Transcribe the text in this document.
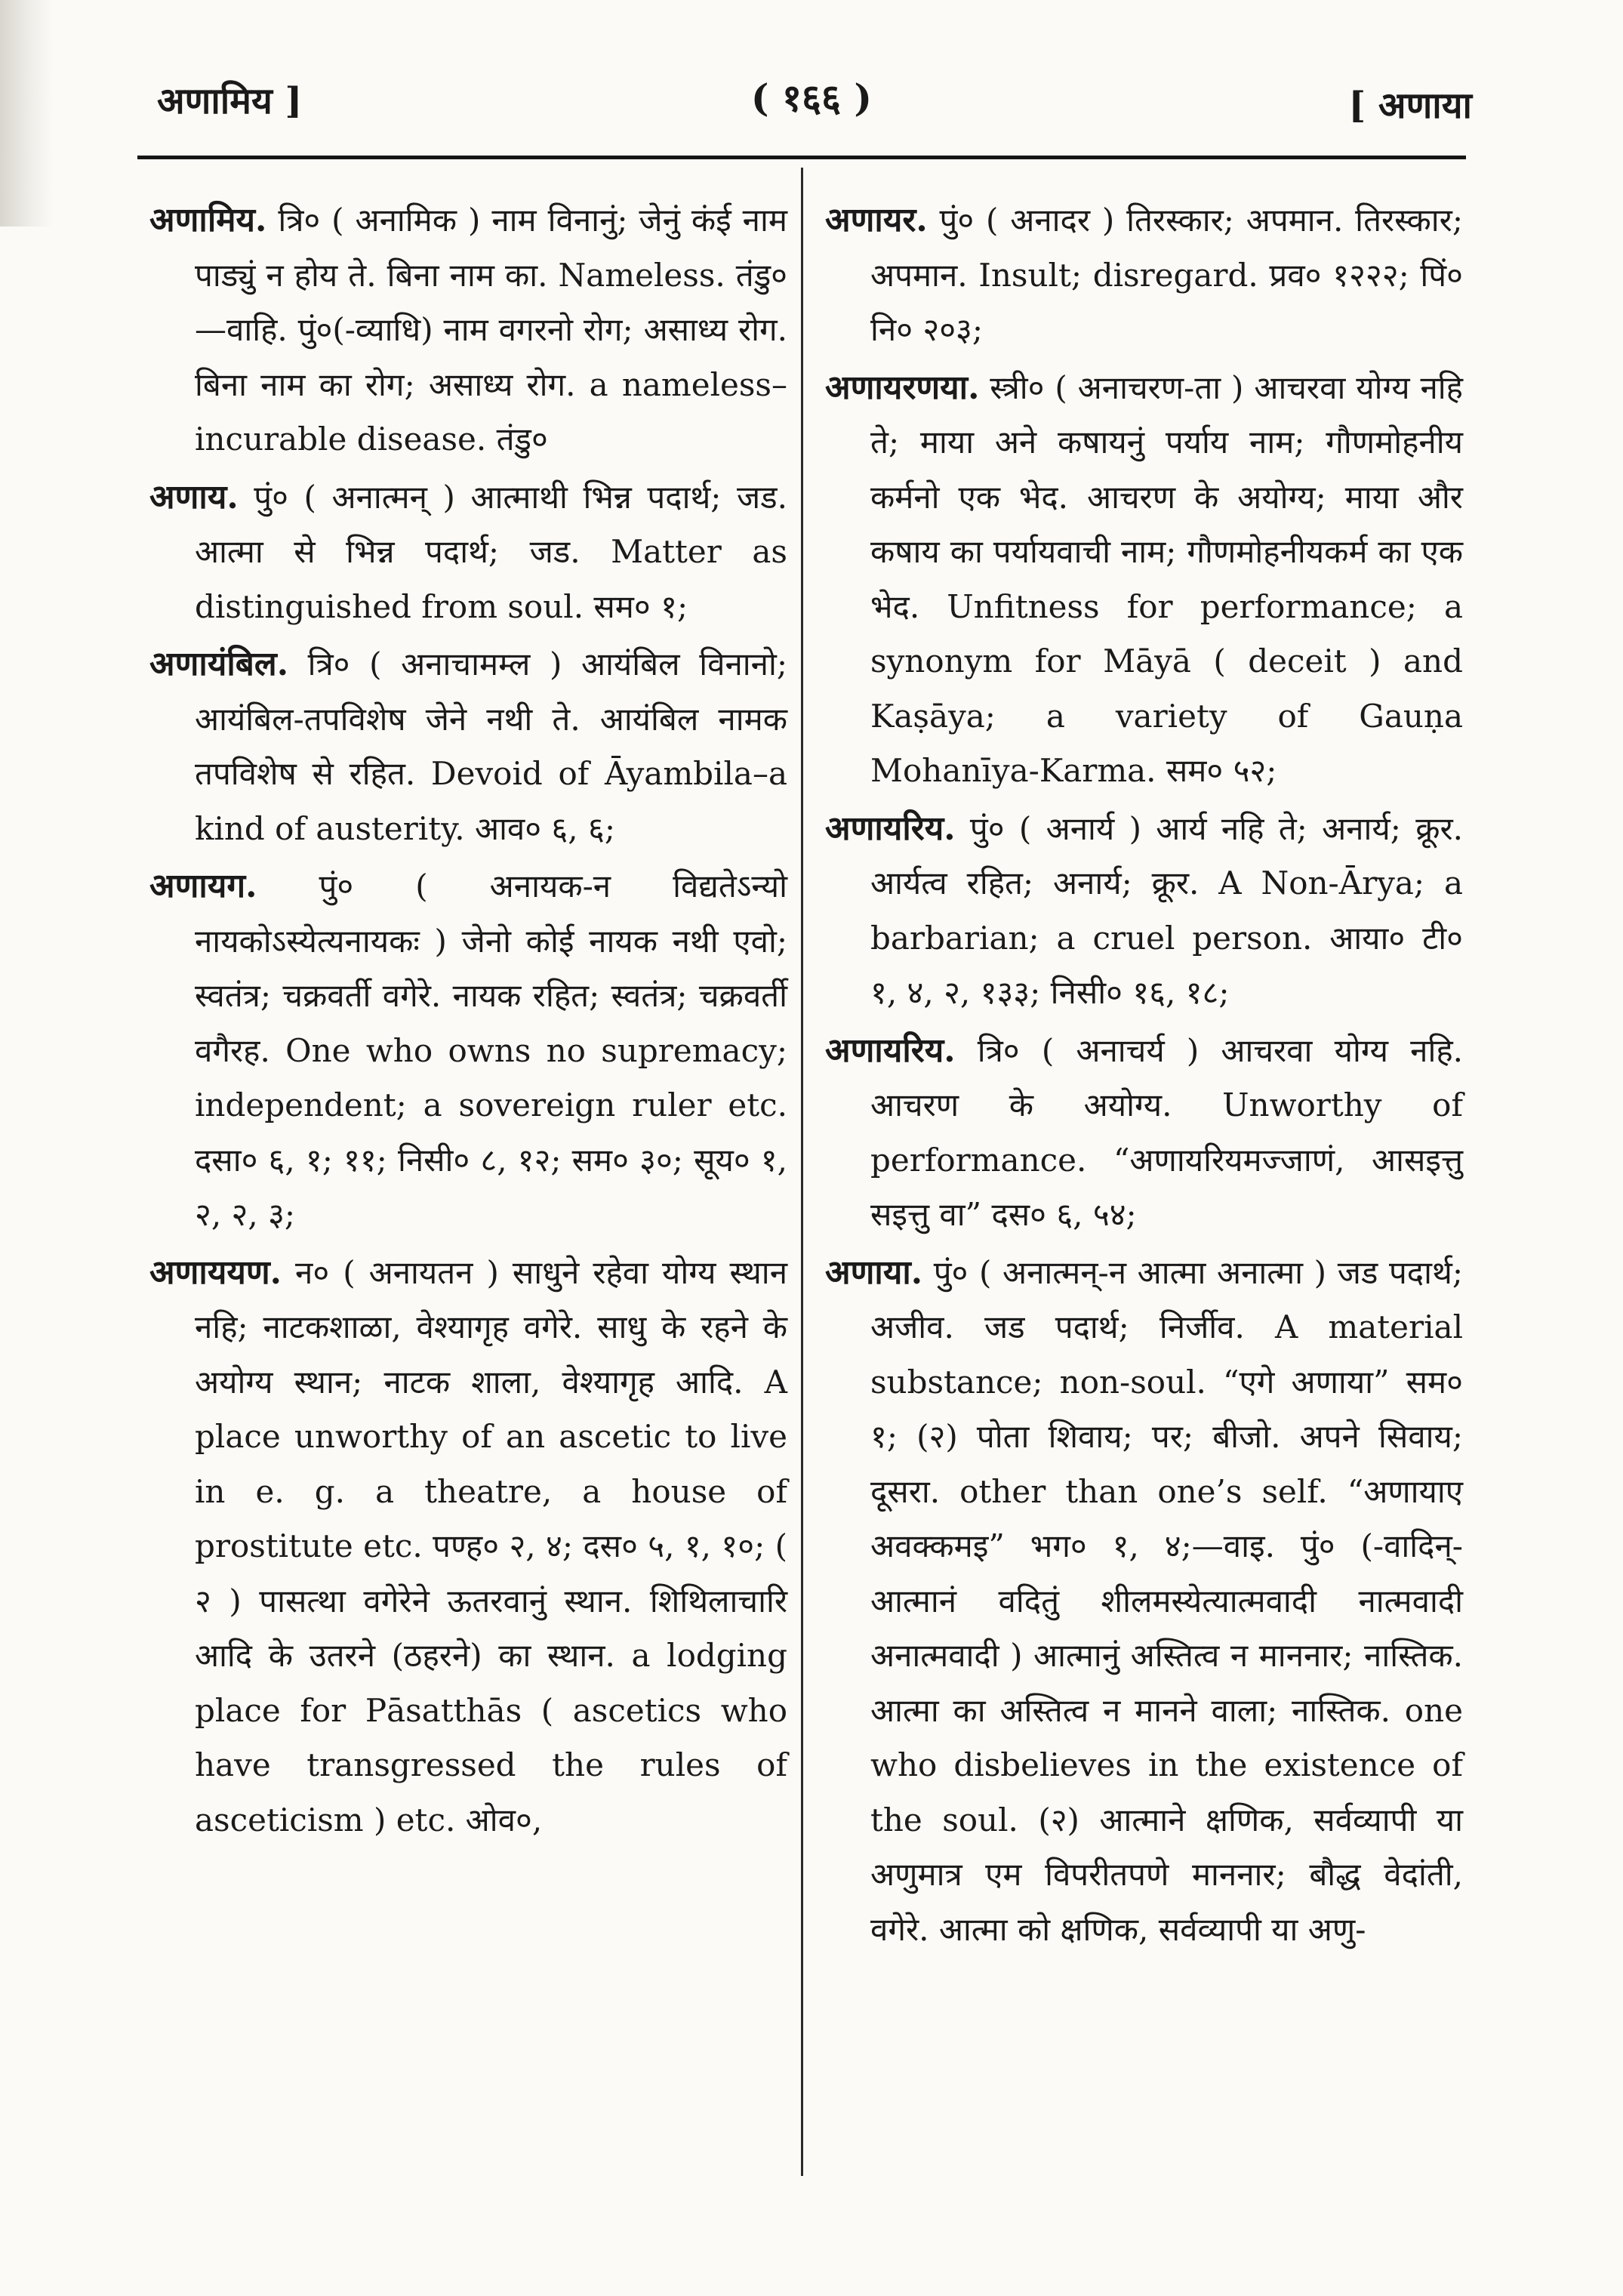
अणामिय ]	( १६६ )	[ अणाया

अणामिय. त्रि० ( अनामिक ) नाम विनानुं; जेनुं कंई नाम पाड्युं न होय ते. बिना नाम का. Nameless. तंडु०—वाहि. पुं०(-व्याधि) नाम वगरनो रोग; असाध्य रोग. बिना नाम का रोग; असाध्य रोग. a nameless–incurable disease. तंडु०

अणाय. पुं० ( अनात्मन् ) आत्माथी भिन्न पदार्थ; जड. आत्मा से भिन्न पदार्थ; जड. Matter as distinguished from soul. सम० १;

अणायंबिल. त्रि० ( अनाचामम्ल ) आयंबिल विनानो; आयंबिल-तपविशेष जेने नथी ते. आयंबिल नामक तपविशेष से रहित. Devoid of Āyambila–a kind of austerity. आव० ६, ६;

अणायग. पुं० ( अनायक-न विद्यतेऽन्यो नायकोऽस्येत्यनायकः ) जेनो कोई नायक नथी एवो; स्वतंत्र; चक्रवर्ती वगेरे. नायक रहित; स्वतंत्र; चक्रवर्ती वगैरह. One who owns no supremacy; independent; a sovereign ruler etc. दसा० ६, १; ११; निसी० ८, १२; सम० ३०; सूय० १, २, २, ३;

अणाययण. न० ( अनायतन ) साधुने रहेवा योग्य स्थान नहि; नाटकशाळा, वेश्यागृह वगेरे. साधु के रहने के अयोग्य स्थान; नाटक शाला, वेश्यागृह आदि. A place unworthy of an ascetic to live in e. g. a theatre, a house of prostitute etc. पण्ह० २, ४; दस० ५, १, १०; ( २ ) पासत्था वगेरेने ऊतरवानुं स्थान. शिथिलाचारि आदि के उतरने (ठहरने) का स्थान. a lodging place for Pāsatthās ( ascetics who have transgressed the rules of asceticism ) etc. ओव०,

अणायर. पुं० ( अनादर ) तिरस्कार; अपमान. तिरस्कार; अपमान. Insult; disregard. प्रव० १२२२; पिं० नि० २०३;

अणायरणया. स्त्री० ( अनाचरण-ता ) आचरवा योग्य नहि ते; माया अने कषायनुं पर्याय नाम; गौणमोहनीय कर्मनो एक भेद. आचरण के अयोग्य; माया और कषाय का पर्यायवाची नाम; गौणमोहनीयकर्म का एक भेद. Unfitness for performance; a synonym for Māyā ( deceit ) and Kaṣāya; a variety of Gauṇa Mohanīya-Karma. सम० ५२;

अणायरिय. पुं० ( अनार्य ) आर्य नहि ते; अनार्य; क्रूर. आर्यत्व रहित; अनार्य; क्रूर. A Non-Ārya; a barbarian; a cruel person. आया० टी० १, ४, २, १३३; निसी० १६, १८;

अणायरिय. त्रि० ( अनाचर्य ) आचरवा योग्य नहि. आचरण के अयोग्य. Unworthy of performance. “अणायरियमज्जाणं, आसइत्तु सइत्तु वा” दस० ६, ५४;

अणाया. पुं० ( अनात्मन्-न आत्मा अनात्मा ) जड पदार्थ; अजीव. जड पदार्थ; निर्जीव. A material substance; non-soul. “एगे अणाया” सम० १; (२) पोता शिवाय; पर; बीजो. अपने सिवाय; दूसरा. other than one’s self. “अणायाए अवक्कमइ” भग० १, ४;—वाइ. पुं० (-वादिन्-आत्मानं वदितुं शीलमस्येत्यात्मवादी नात्मवादी अनात्मवादी ) आत्मानुं अस्तित्व न माननार; नास्तिक. आत्मा का अस्तित्व न मानने वाला; नास्तिक. one who disbelieves in the existence of the soul. (२) आत्माने क्षणिक, सर्वव्यापी या अणुमात्र एम विपरीतपणे माननार; बौद्ध वेदांती, वगेरे. आत्मा को क्षणिक, सर्वव्यापी या अणु-
